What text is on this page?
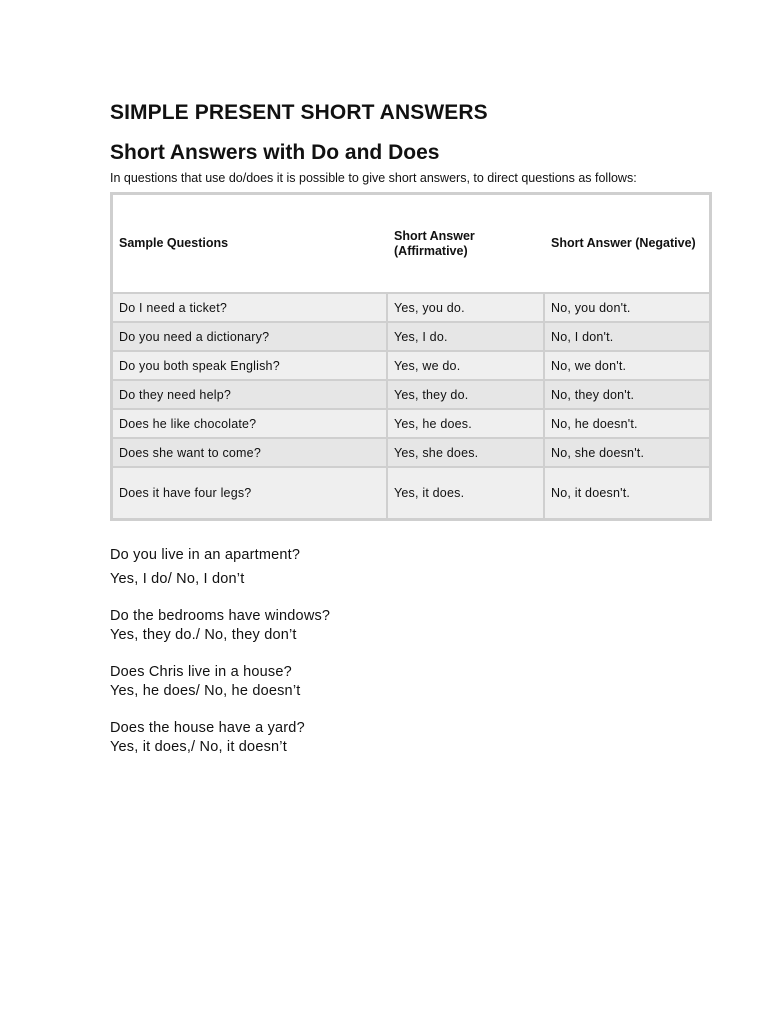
SIMPLE PRESENT SHORT ANSWERS
Short Answers with Do and Does

In questions that use do/does it is possible to give short answers, to direct questions as follows:

Sample Questions	Short Answer (Affirmative)	Short Answer (Negative)
Do I need a ticket?	Yes, you do.	No, you don't.
Do you need a dictionary?	Yes, I do.	No, I don't.
Do you both speak English?	Yes, we do.	No, we don't.
Do they need help?	Yes, they do.	No, they don't.
Does he like chocolate?	Yes, he does.	No, he doesn't.
Does she want to come?	Yes, she does.	No, she doesn't.
Does it have four legs?	Yes, it does.	No, it doesn't.
Do you live in an apartment?
Yes, I do/ No, I don’t
Do the bedrooms have windows?
Yes, they do./ No, they don’t
Does Chris live in a house?
Yes, he does/ No, he doesn’t
Does the house have a yard?
Yes, it does,/ No, it doesn’t
